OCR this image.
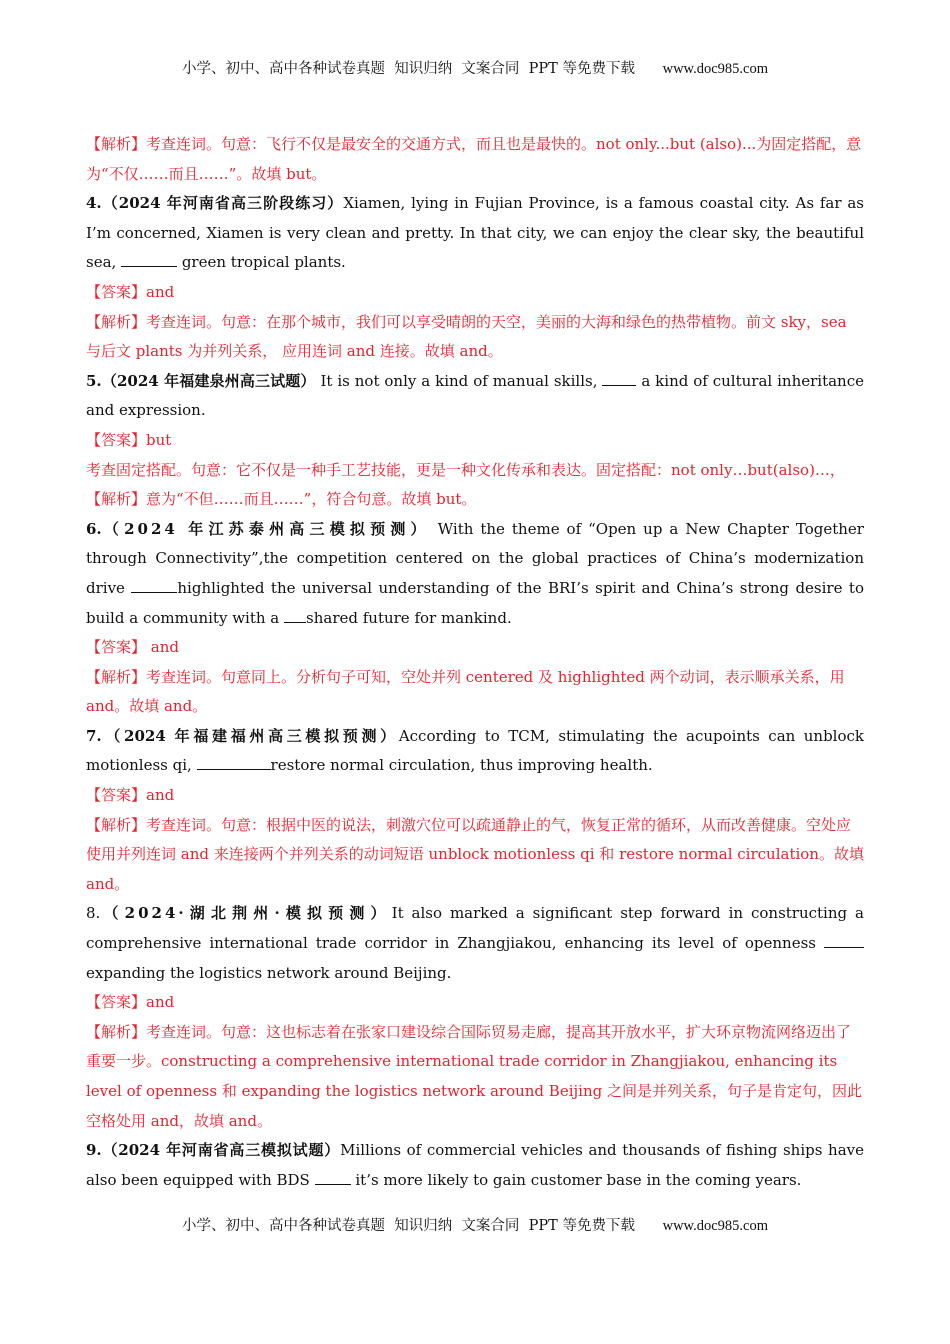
小学、初中、高中各种试卷真题  知识归纳  文案合同  PPT 等免费下载 www.doc985.com

【解析】考查连词。句意：飞行不仅是最安全的交通方式，而且也是最快的。not only...but (also)...为固定搭配，意为“不仅……而且……”。故填 but。

4.（2024 年河南省高三阶段练习）Xiamen, lying in Fujian Province, is a famous coastal city. As far as I’m concerned, Xiamen is very clean and pretty. In that city, we can enjoy the clear sky, the beautiful sea,	green tropical plants.

【答案】and

【解析】考查连词。句意：在那个城市，我们可以享受晴朗的天空，美丽的大海和绿色的热带植物。前文 sky，sea 与后文 plants 为并列关系， 应用连词 and 连接。故填 and。

5.（2024 年福建泉州高三试题） It is not only a kind of manual skills,  a kind of cultural inheritance and expression.

【答案】but

考查固定搭配。句意：它不仅是一种手工艺技能，更是一种文化传承和表达。固定搭配：not only…but(also)…，【解析】意为“不但……而且……”，符合句意。故填 but。

6.（2024 年江苏泰州高三模拟预测） With the theme of “Open up a New Chapter Together through Connectivity”,the competition centered on the global practices of China’s modernization drive	highlighted the universal understanding of the BRI’s spirit and China’s strong desire to build a community with a shared future for mankind.

【答案】 and

【解析】考查连词。句意同上。分析句子可知，空处并列 centered 及 highlighted 两个动词，表示顺承关系，用 and。故填 and。

7.（2024 年福建福州高三模拟预测）According to TCM, stimulating the acupoints can unblock motionless qi,	restore normal circulation, thus improving health.

【答案】and

【解析】考查连词。句意：根据中医的说法，刺激穴位可以疏通静止的气，恢复正常的循环，从而改善健康。空处应使用并列连词 and 来连接两个并列关系的动词短语 unblock motionless qi 和 restore normal circulation。故填 and。

8.（2024·湖北荆州·模拟预测）It also marked a significant step forward in constructing a comprehensive international trade corridor in Zhangjiakou, enhancing its level of openness expanding the logistics network around Beijing.

【答案】and

【解析】考查连词。句意：这也标志着在张家口建设综合国际贸易走廊，提高其开放水平，扩大环京物流网络迈出了重要一步。constructing a comprehensive international trade corridor in Zhangjiakou, enhancing its level of openness 和 expanding the logistics network around Beijing 之间是并列关系，句子是肯定句，因此空格处用 and，故填 and。

9.（2024 年河南省高三模拟试题）Millions of commercial vehicles and thousands of fishing ships have also been equipped with BDS  it’s more likely to gain customer base in the coming years.

小学、初中、高中各种试卷真题  知识归纳  文案合同  PPT 等免费下载 www.doc985.com
